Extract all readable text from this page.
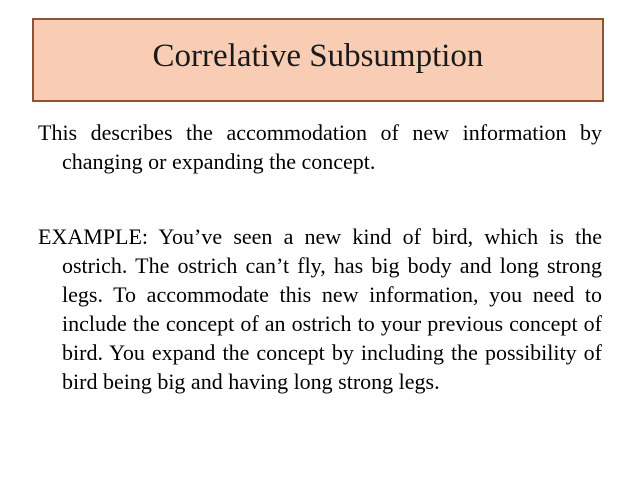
Correlative Subsumption
This describes the accommodation of new information by changing or expanding the concept.
EXAMPLE: You’ve seen a new kind of bird, which is the ostrich. The ostrich can’t fly, has big body and long strong legs. To accommodate this new information, you need to include the concept of an ostrich to your previous concept of bird. You expand the concept by including the possibility of bird being big and having long strong legs.
